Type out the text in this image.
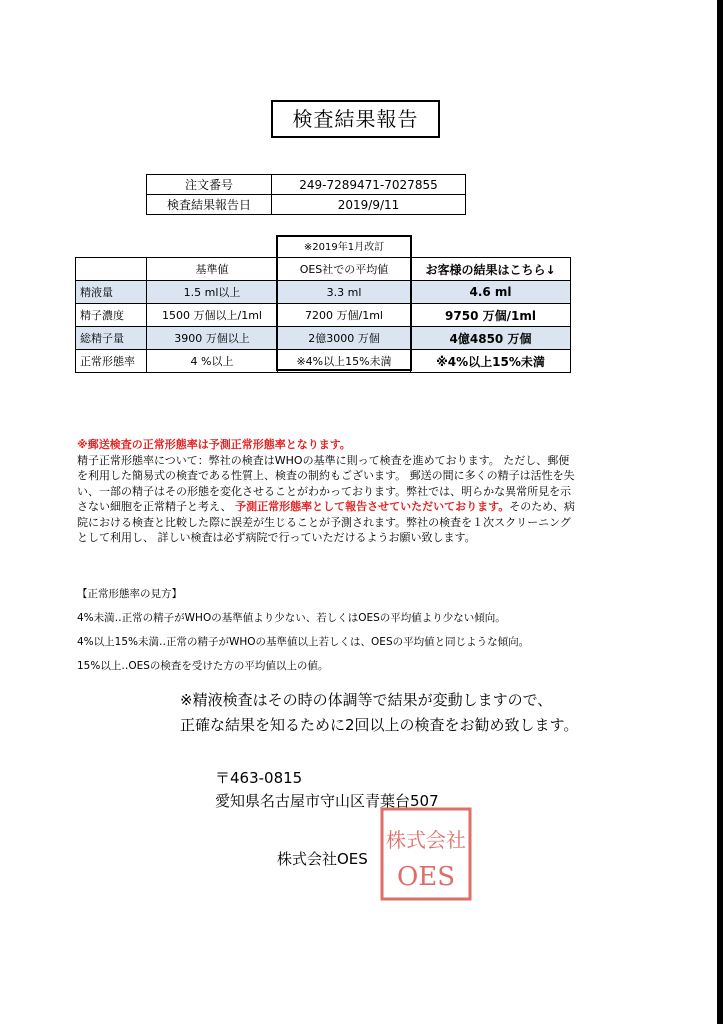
検査結果報告
注文番号	249-7289471-7027855
検査結果報告日	2019/9/11
※2019年1月改訂
	基準値	OES社での平均値	お客様の結果はこちら↓
精液量	1.5 ml以上	3.3 ml	4.6 ml
精子濃度	1500 万個以上/1ml	7200 万個/1ml	9750 万個/1ml
総精子量	3900 万個以上	2億3000 万個	4億4850 万個
正常形態率	4 %以上	※4%以上15%未満	※4%以上15%未満
※郵送検査の正常形態率は予測正常形態率となります。
精子正常形態率について：弊社の検査はWHOの基準に則って検査を進めております。 ただし、郵便を利用した簡易式の検査である性質上、検査の制約もございます。 郵送の間に多くの精子は活性を失い、一部の精子はその形態を変化させることがわかっております。弊社では、明らかな異常所見を示さない細胞を正常精子と考え、 予測正常形態率として報告させていただいております。そのため、病院における検査と比較した際に誤差が生じることが予測されます。弊社の検査を１次スクリーニングとして利用し、 詳しい検査は必ず病院で行っていただけるようお願い致します。
【正常形態率の見方】
4%未満‥正常の精子がWHOの基準値より少ない、若しくはOESの平均値より少ない傾向。
4%以上15%未満‥正常の精子がWHOの基準値以上若しくは、OESの平均値と同じような傾向。
15%以上‥OESの検査を受けた方の平均値以上の値。
※精液検査はその時の体調等で結果が変動しますので、
正確な結果を知るために2回以上の検査をお勧め致します。
〒463-0815
愛知県名古屋市守山区青葉台507
株式会社OES
株式会社
OES
